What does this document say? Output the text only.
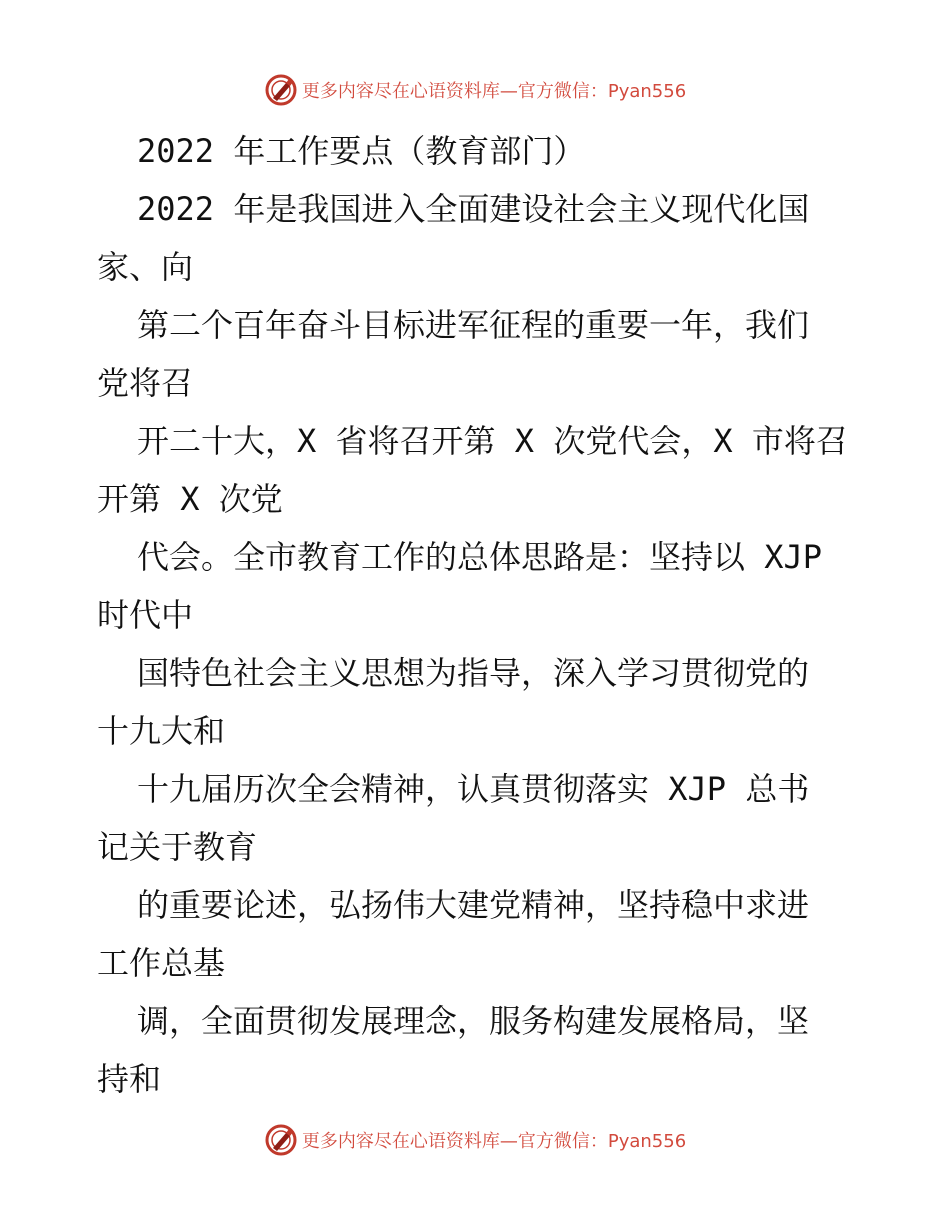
更多内容尽在心语资料库—官方微信：Pyan556
2022 年工作要点（教育部门）
2022 年是我国进入全面建设社会主义现代化国
家、向
第二个百年奋斗目标进军征程的重要一年，我们
党将召
开二十大，X 省将召开第 X 次党代会，X 市将召
开第 X 次党
代会。全市教育工作的总体思路是：坚持以 XJP
时代中
国特色社会主义思想为指导，深入学习贯彻党的
十九大和
十九届历次全会精神，认真贯彻落实 XJP 总书
记关于教育
的重要论述，弘扬伟大建党精神，坚持稳中求进
工作总基
调，全面贯彻发展理念，服务构建发展格局，坚
持和
更多内容尽在心语资料库—官方微信：Pyan556
